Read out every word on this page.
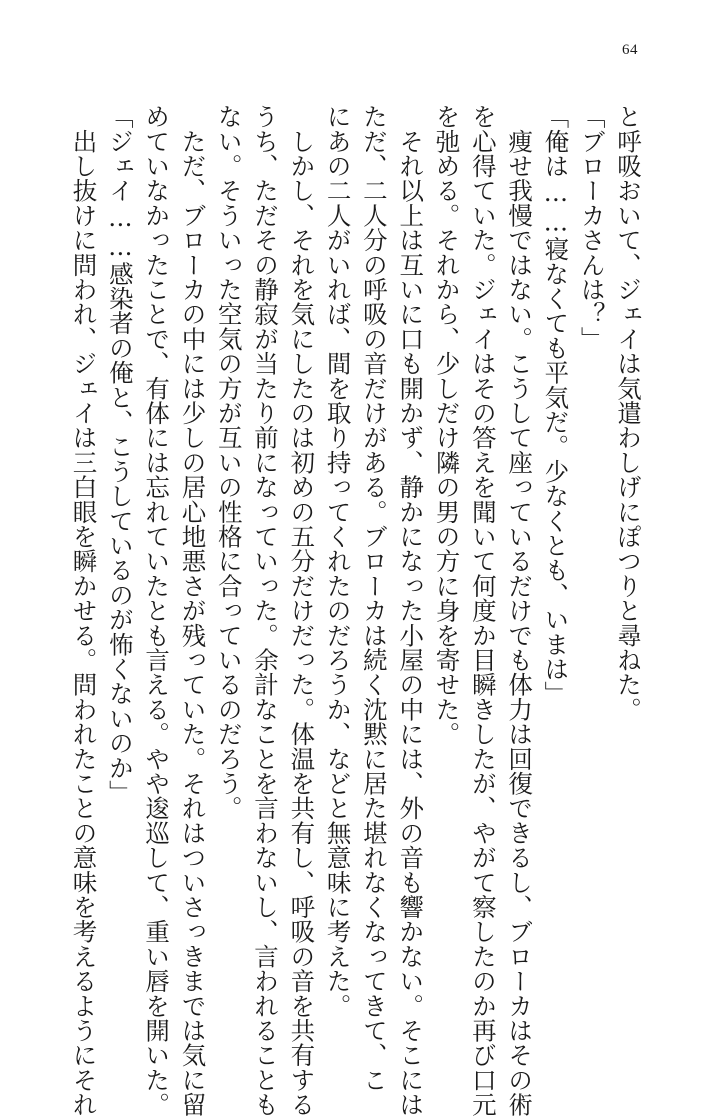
64
と呼吸おいて、ジェイは気遣わしげにぽつりと尋ねた。
「ブローカさんは？」
「俺は……寝なくても平気だ。少なくとも、いまは」
　痩せ我慢ではない。こうして座っているだけでも体力は回復できるし、ブローカはその術
を心得ていた。ジェイはその答えを聞いて何度か目瞬きしたが、やがて察したのか再び口元
を弛める。それから、少しだけ隣の男の方に身を寄せた。
　それ以上は互いに口も開かず、静かになった小屋の中には、外の音も響かない。そこには
ただ、二人分の呼吸の音だけがある。ブローカは続く沈黙に居た堪れなくなってきて、こ
にあの二人がいれば、間を取り持ってくれたのだろうか、などと無意味に考えた。
　しかし、それを気にしたのは初めの五分だけだった。体温を共有し、呼吸の音を共有する
うち、ただその静寂が当たり前になっていった。余計なことを言わないし、言われることも
ない。そういった空気の方が互いの性格に合っているのだろう。
　ただ、ブローカの中には少しの居心地悪さが残っていた。それはついさっきまでは気に留
めていなかったことで、有体には忘れていたとも言える。やや逡巡して、重い唇を開いた。
「ジェイ……感染者の俺と、こうしているのが怖くないのか」
　出し抜けに問われ、ジェイは三白眼を瞬かせる。問われたことの意味を考えるようにそれ
